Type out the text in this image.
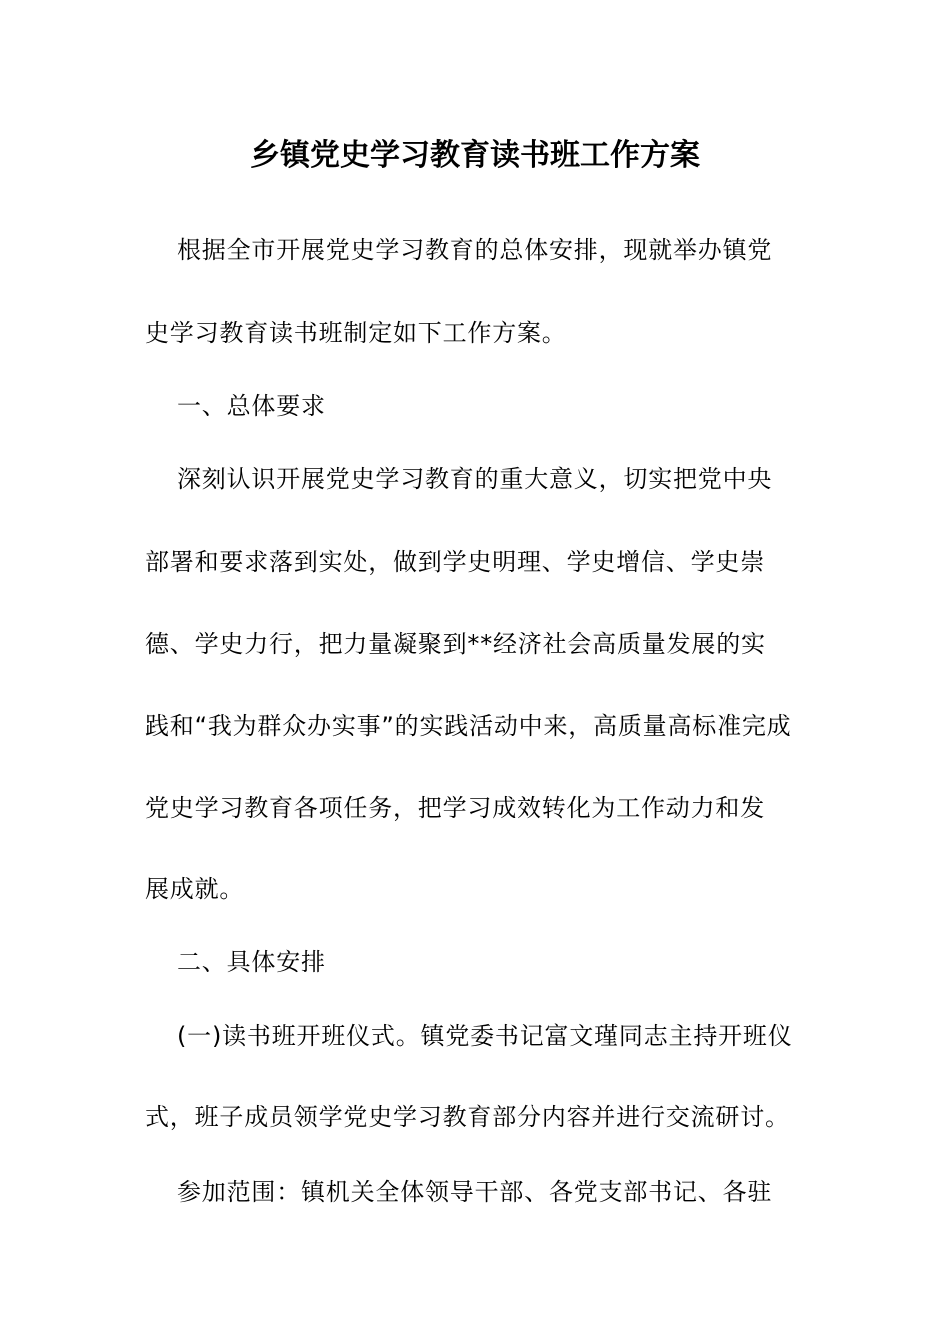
乡镇党史学习教育读书班工作方案
根据全市开展党史学习教育的总体安排，现就举办镇党
史学习教育读书班制定如下工作方案。
一、总体要求
深刻认识开展党史学习教育的重大意义，切实把党中央
部署和要求落到实处，做到学史明理、学史增信、学史崇
德、学史力行，把力量凝聚到**经济社会高质量发展的实
践和“我为群众办实事”的实践活动中来，高质量高标准完成
党史学习教育各项任务，把学习成效转化为工作动力和发
展成就。
二、具体安排
(一)读书班开班仪式。镇党委书记富文瑾同志主持开班仪
式，班子成员领学党史学习教育部分内容并进行交流研讨。
参加范围：镇机关全体领导干部、各党支部书记、各驻
